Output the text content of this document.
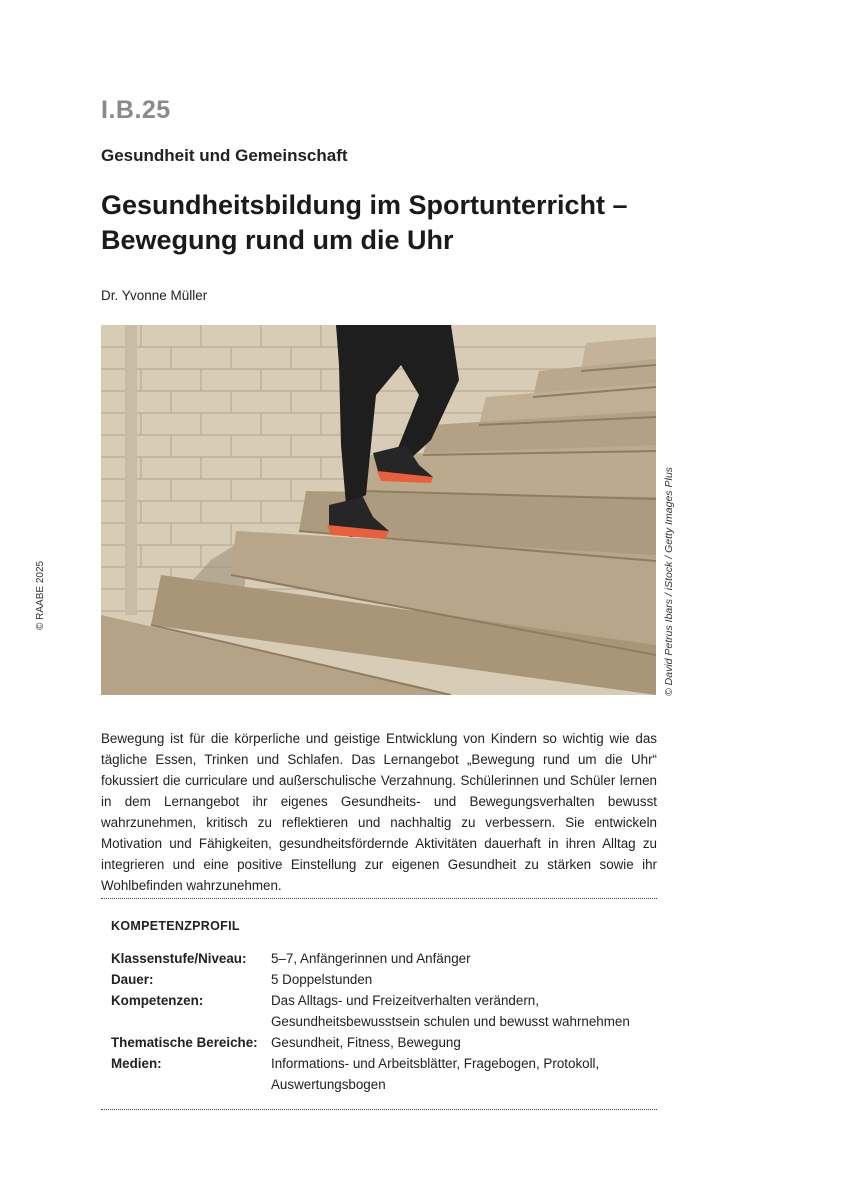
I.B.25
Gesundheit und Gemeinschaft
Gesundheitsbildung im Sportunterricht –
Bewegung rund um die Uhr
Dr. Yvonne Müller
© RAABE 2025	© David Petrus Ibars / iStock / Getty Images Plus

Bewegung ist für die körperliche und geistige Entwicklung von Kindern so wichtig wie das tägliche Essen, Trinken und Schlafen. Das Lernangebot „Bewegung rund um die Uhr“ fokussiert die curriculare und außerschulische Verzahnung. Schülerinnen und Schüler lernen in dem Lernangebot ihr eigenes Gesundheits- und Bewegungsverhalten bewusst wahrzunehmen, kritisch zu reflektieren und nachhaltig zu verbessern. Sie entwickeln Motivation und Fähigkeiten, gesundheitsfördernde Aktivitäten dauerhaft in ihren Alltag zu integrieren und eine positive Einstellung zur eigenen Gesundheit zu stärken sowie ihr Wohlbefinden wahrzunehmen.

KOMPETENZPROFIL
Klassenstufe/Niveau:	5–7, Anfängerinnen und Anfänger
Dauer:	5 Doppelstunden
Kompetenzen:	Das Alltags- und Freizeitverhalten verändern, Gesundheitsbewusstsein schulen und bewusst wahrnehmen
Thematische Bereiche:	Gesundheit, Fitness, Bewegung
Medien:	Informations- und Arbeitsblätter, Fragebogen, Protokoll, Auswertungsbogen
